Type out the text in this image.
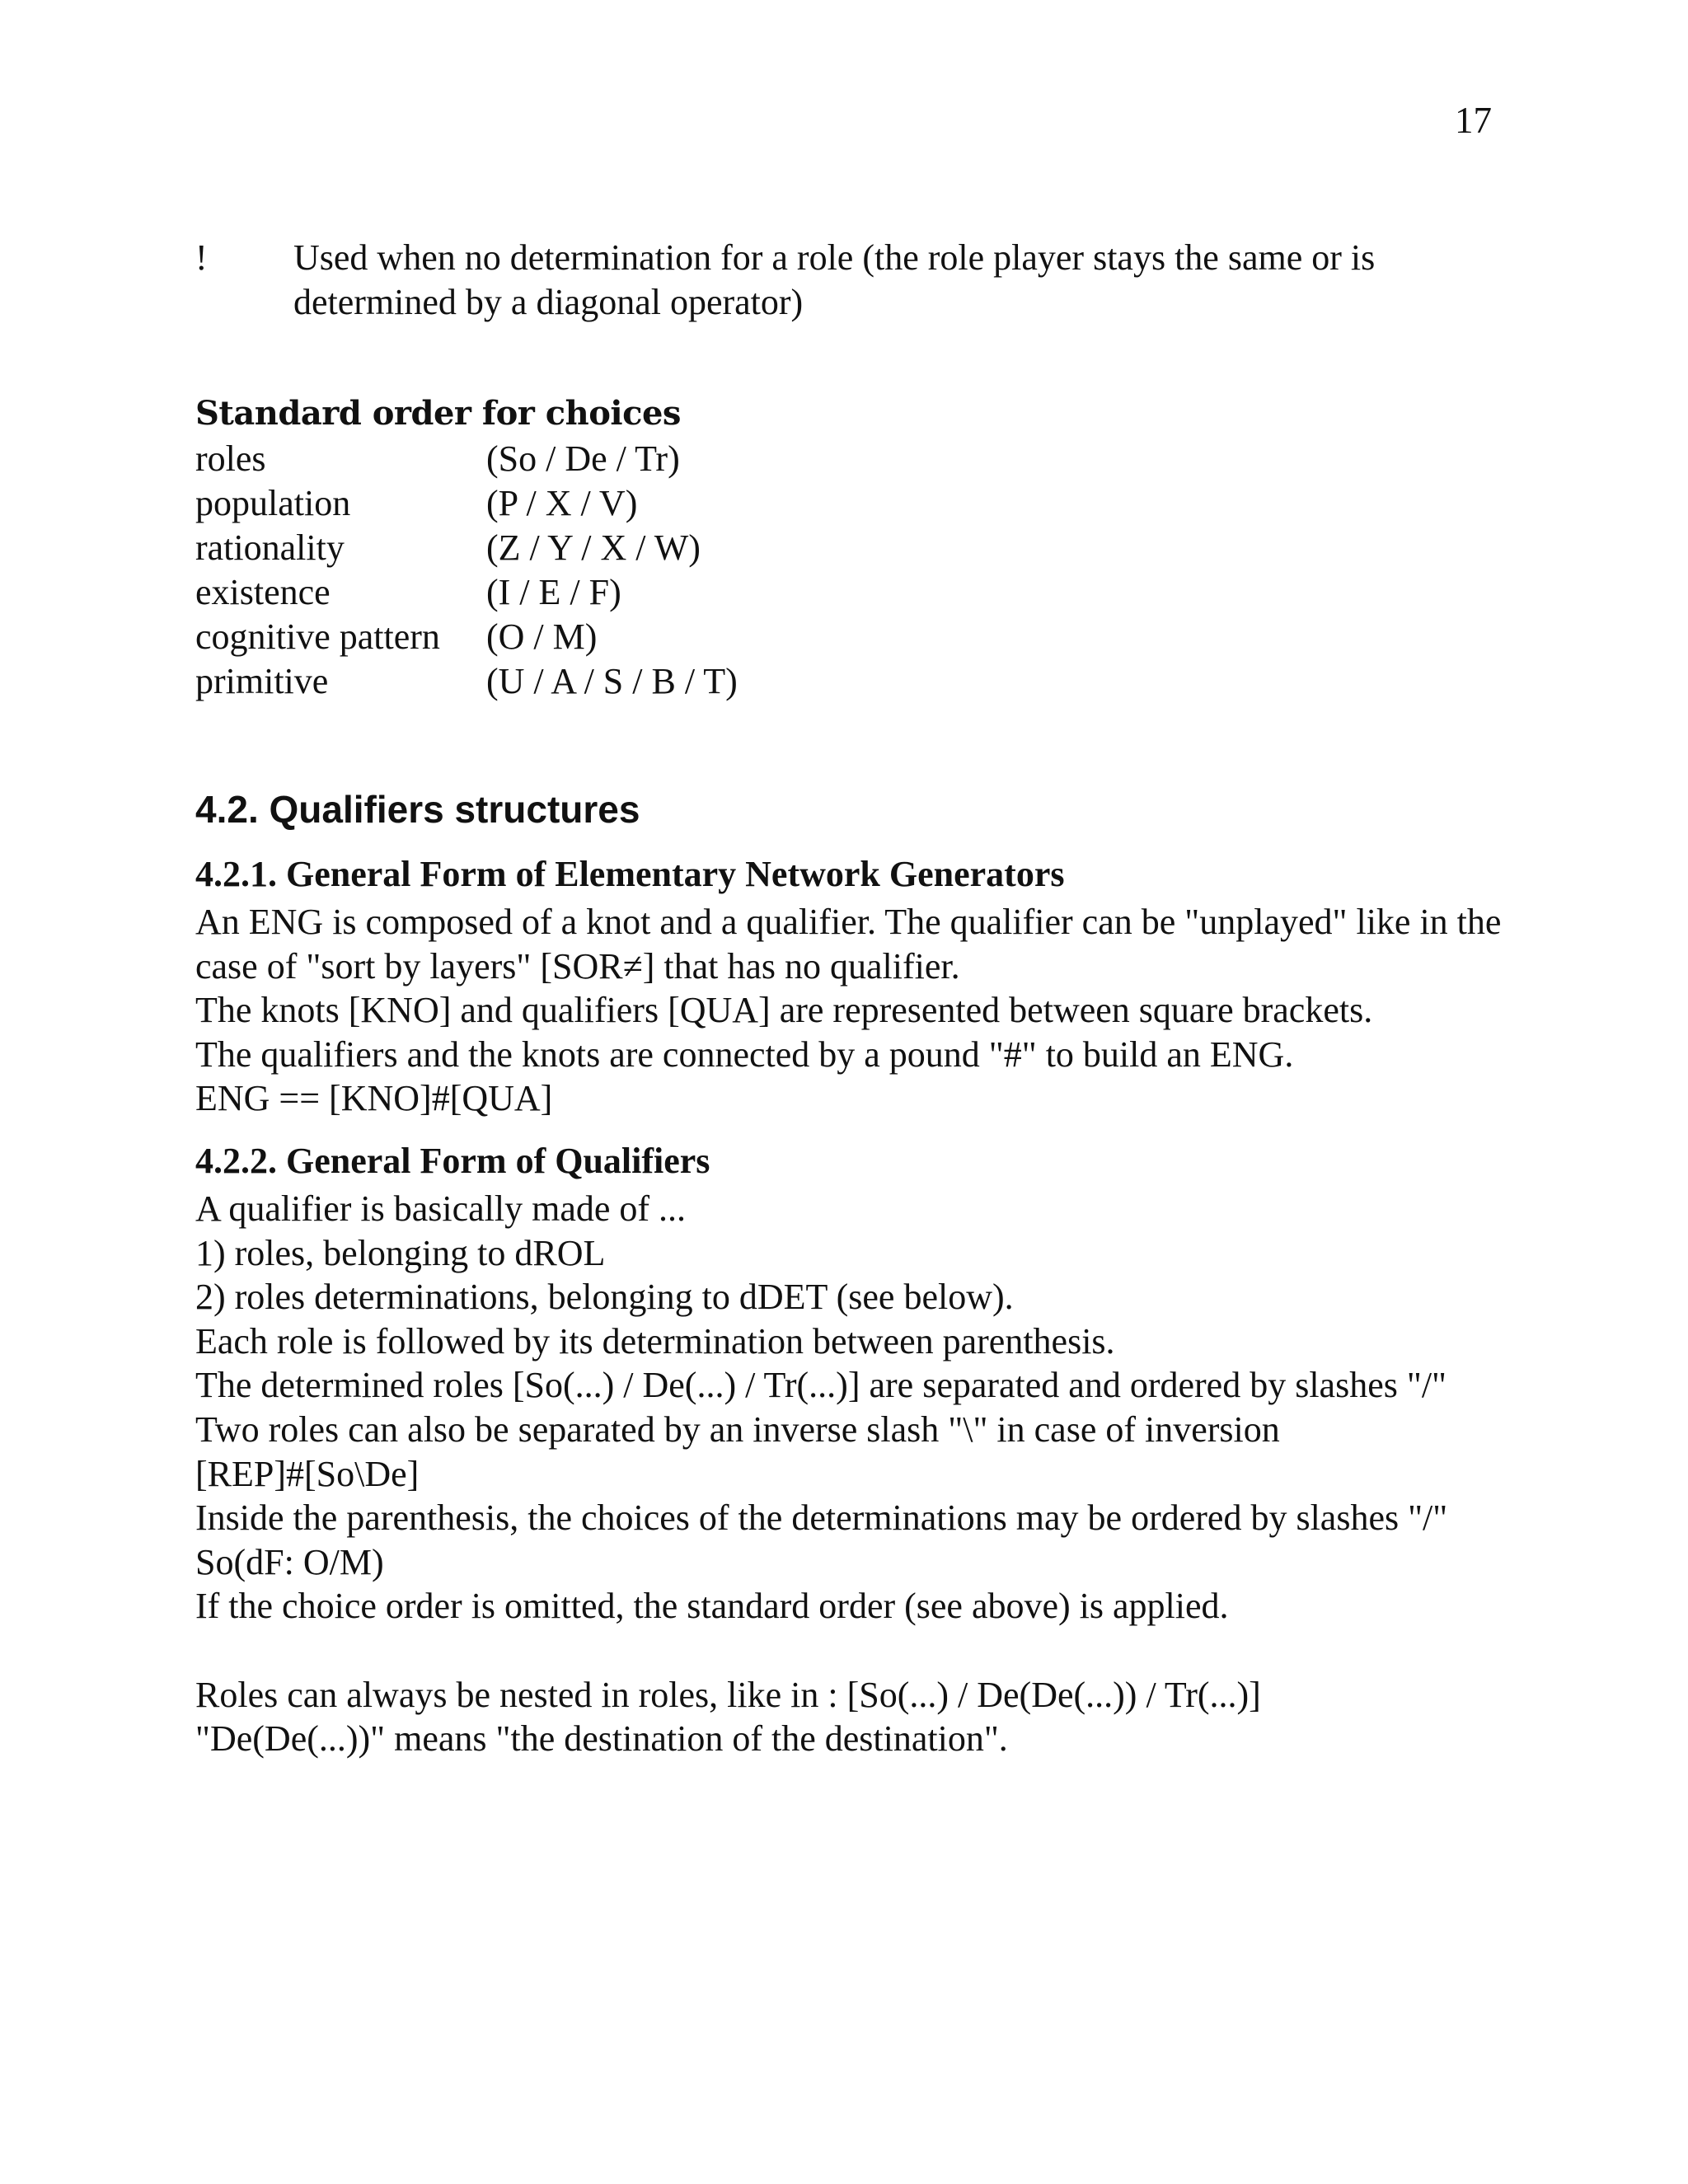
17
!	Used when no determination for a role (the role player stays the same or is determined by a diagonal operator)
Standard order for choices
roles	(So / De / Tr)
population	(P / X / V)
rationality	(Z / Y / X / W)
existence	(I / E / F)
cognitive pattern	(O / M)
primitive	(U / A / S / B / T)
4.2. Qualifiers structures
4.2.1. General Form of Elementary Network Generators
An ENG is composed of a knot and a qualifier. The qualifier can be "unplayed" like in the case of "sort by layers" [SOR≠] that has no qualifier.
The knots [KNO] and qualifiers [QUA] are represented between square brackets.
The qualifiers and the knots are connected by a pound "#" to build an ENG.
ENG == [KNO]#[QUA]
4.2.2. General Form of Qualifiers
A qualifier is basically made of ...
1) roles, belonging to dROL
2) roles determinations, belonging to dDET (see below).
Each role is followed by its determination between parenthesis.
The determined roles [So(...) / De(...) / Tr(...)] are separated and ordered by slashes "/"
Two roles can also be separated by an inverse slash "\" in case of inversion
[REP]#[So\De]
Inside the parenthesis, the choices of the determinations may be ordered by slashes "/"
So(dF: O/M)
If the choice order is omitted, the standard order (see above) is applied.
Roles can always be nested in roles, like in : [So(...) / De(De(...)) / Tr(...)]
"De(De(...))" means "the destination of the destination".
